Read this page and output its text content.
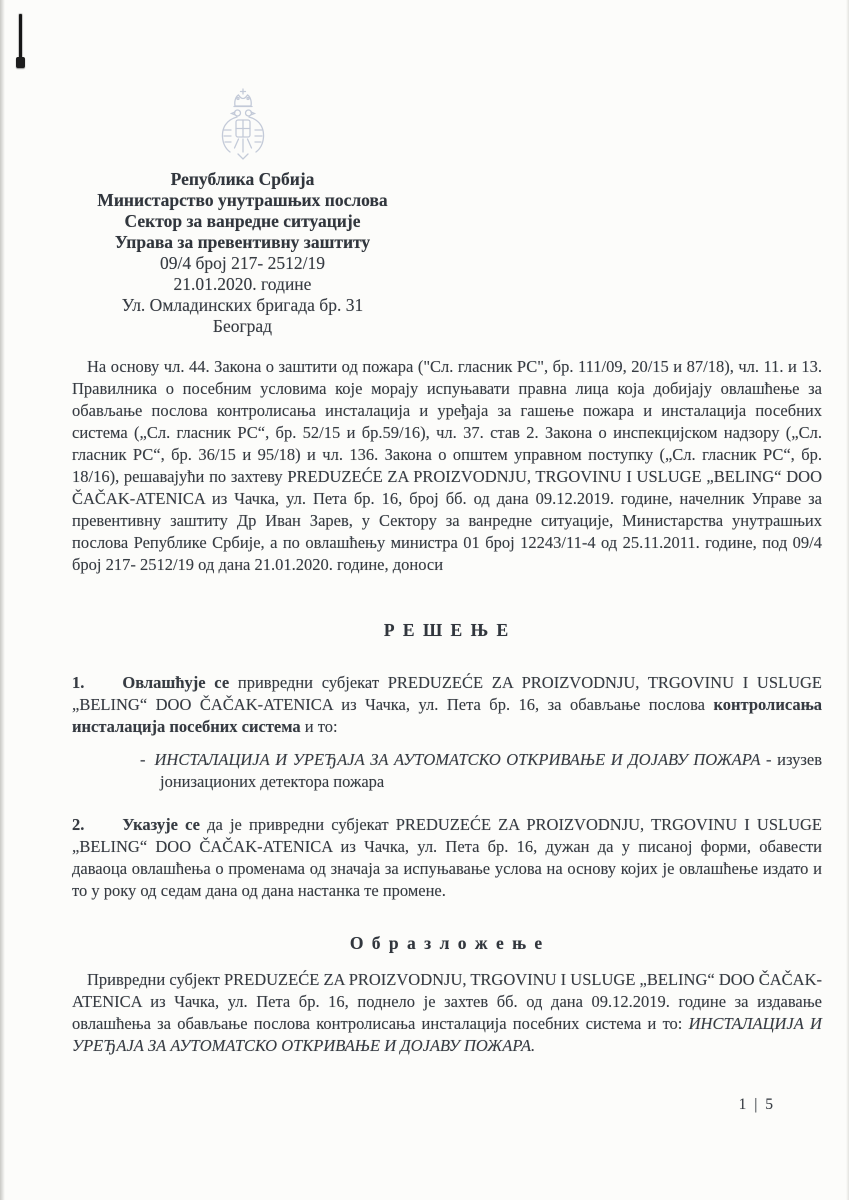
Република Србија
Министарство унутрашњих послова
Сектор за ванредне ситуације
Управа за превентивну заштиту
09/4 број 217- 2512/19
21.01.2020. године
Ул. Омладинских бригада бр. 31
Београд

На основу чл. 44. Закона о заштити од пожара ("Сл. гласник РС", бр. 111/09, 20/15 и 87/18), чл. 11. и 13. Правилника о посебним условима које морају испуњавати правна лица која добијају овлашћење за обављање послова контролисања инсталација и уређаја за гашење пожара и инсталација посебних система („Сл. гласник РС“, бр. 52/15 и бр.59/16), чл. 37. став 2. Закона о инспекцијском надзору („Сл. гласник РС“, бр. 36/15 и 95/18) и чл. 136. Закона о општем управном поступку („Сл. гласник РС“, бр. 18/16), решавајући по захтеву PREDUZEĆE ZA PROIZVODNJU, TRGOVINU I USLUGE „BELING“ DOO ČAČAK-ATENICA из Чачка, ул. Пета бр. 16, број бб. од дана 09.12.2019. године, начелник Управе за превентивну заштиту Др Иван Зарев, у Сектору за ванредне ситуације, Министарства унутрашњих послова Републике Србије, а по овлашћењу министра 01 број 12243/11-4 од 25.11.2011. године, под 09/4 број 217- 2512/19 од дана 21.01.2020. године, доноси

Р Е Ш Е Њ Е

1. Овлашћује се привредни субјекат PREDUZEĆE ZA PROIZVODNJU, TRGOVINU I USLUGE „BELING“ DOO ČAČAK-ATENICA из Чачка, ул. Пета бр. 16, за обављање послова контролисања инсталација посебних система и то:

- ИНСТАЛАЦИЈА И УРЕЂАЈА ЗА АУТОМАТСКО ОТКРИВАЊЕ И ДОЈАВУ ПОЖАРА - изузев јонизационих детектора пожара

2. Указује се да је привредни субјекат PREDUZEĆE ZA PROIZVODNJU, TRGOVINU I USLUGE „BELING“ DOO ČAČAK-ATENICA из Чачка, ул. Пета бр. 16, дужан да у писаној форми, обавести даваоца овлашћења о променама од значаја за испуњавање услова на основу којих је овлашћење издато и то у року од седам дана од дана настанка те промене.

О б р а з л о ж е њ е

Привредни субјект PREDUZEĆE ZA PROIZVODNJU, TRGOVINU I USLUGE „BELING“ DOO ČAČAK-ATENICA из Чачка, ул. Пета бр. 16, поднело је захтев бб. од дана 09.12.2019. године за издавање овлашћења за обављање послова контролисања инсталација посебних система и то: ИНСТАЛАЦИЈА И УРЕЂАЈА ЗА АУТОМАТСКО ОТКРИВАЊЕ И ДОЈАВУ ПОЖАРА.

1 | 5
